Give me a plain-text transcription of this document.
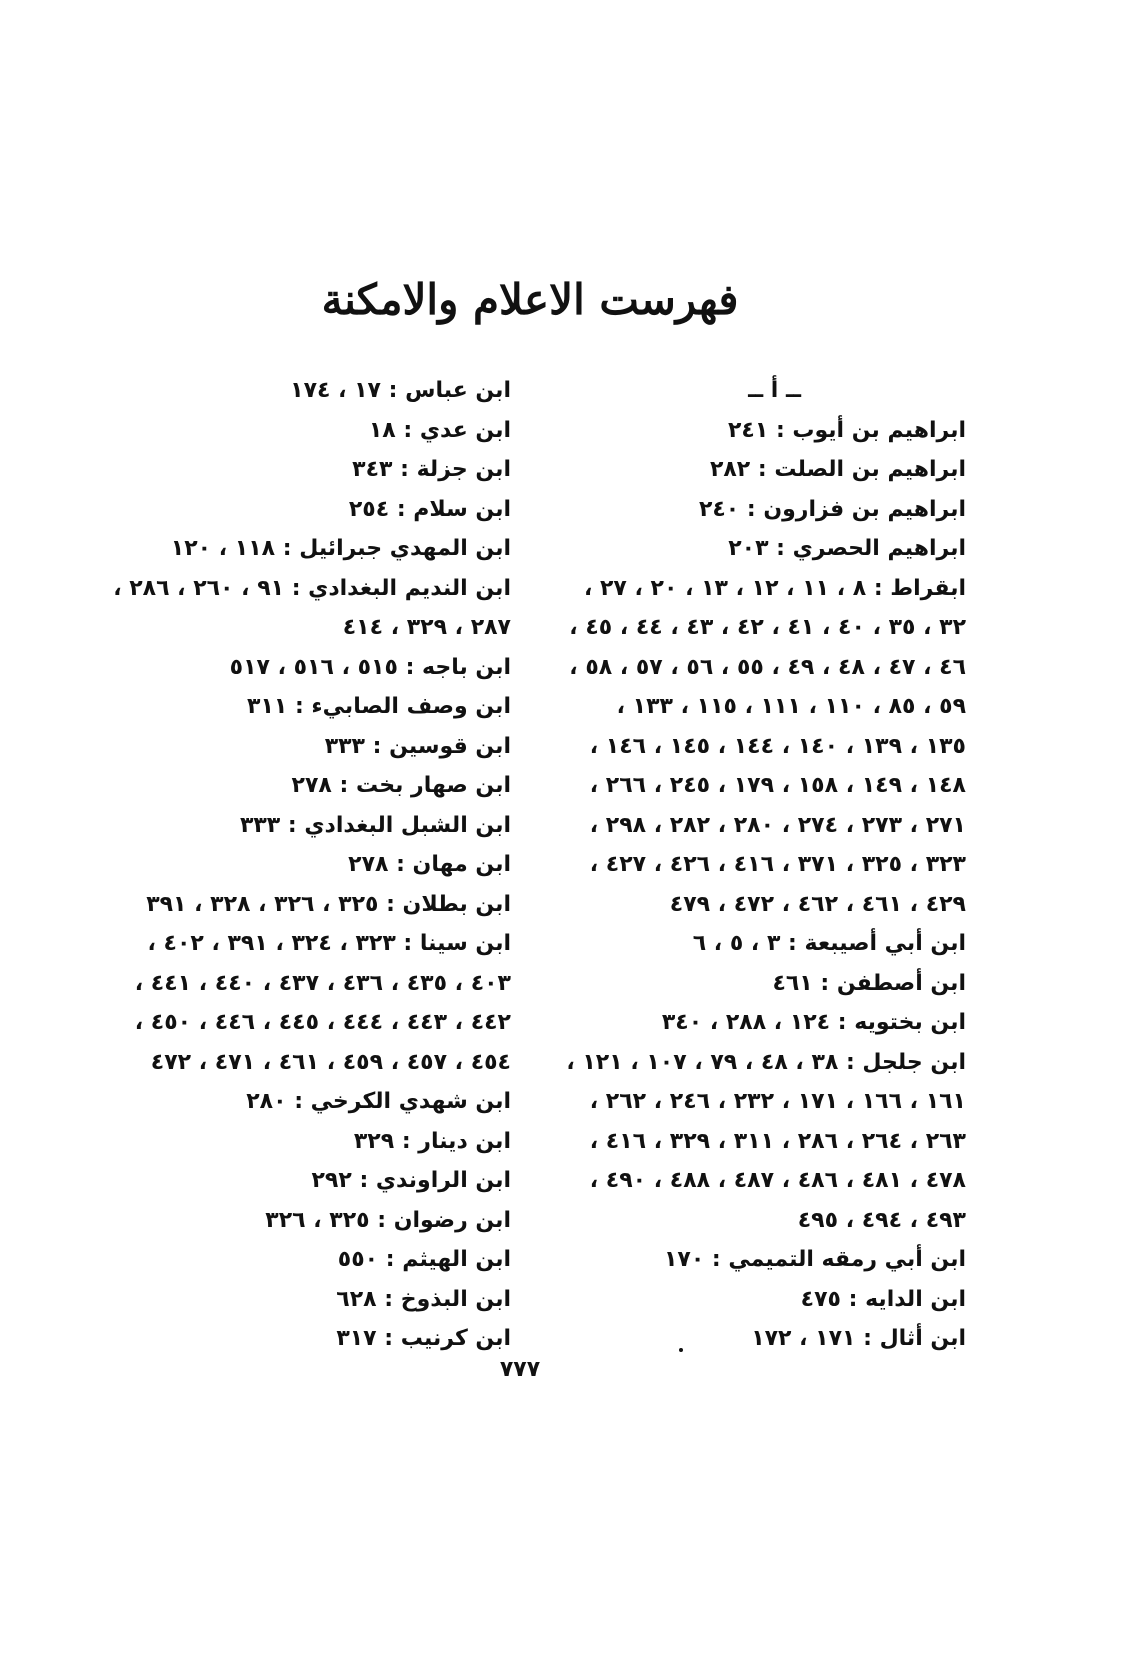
فهرست الاعلام والامكنة
ــ أ ــ
ابراهيم بن أيوب : ٢٤١
ابراهيم بن الصلت : ٢٨٢
ابراهيم بن فزارون : ٢٤٠
ابراهيم الحصري : ٢٠٣
ابقراط : ٨ ، ١١ ، ١٢ ، ١٣ ، ٢٠ ، ٢٧ ،
٣٢ ، ٣٥ ، ٤٠ ، ٤١ ، ٤٢ ، ٤٣ ، ٤٤ ، ٤٥ ،
٤٦ ، ٤٧ ، ٤٨ ، ٤٩ ، ٥٥ ، ٥٦ ، ٥٧ ، ٥٨ ،
٥٩ ، ٨٥ ، ١١٠ ، ١١١ ، ١١٥ ، ١٣٣ ،
١٣٥ ، ١٣٩ ، ١٤٠ ، ١٤٤ ، ١٤٥ ، ١٤٦ ،
١٤٨ ، ١٤٩ ، ١٥٨ ، ١٧٩ ، ٢٤٥ ، ٢٦٦ ،
٢٧١ ، ٢٧٣ ، ٢٧٤ ، ٢٨٠ ، ٢٨٢ ، ٢٩٨ ،
٣٢٣ ، ٣٢٥ ، ٣٧١ ، ٤١٦ ، ٤٢٦ ، ٤٢٧ ،
٤٢٩ ، ٤٦١ ، ٤٦٢ ، ٤٧٢ ، ٤٧٩
ابن أبي أصيبعة : ٣ ، ٥ ، ٦
ابن أصطفن : ٤٦١
ابن بختويه : ١٢٤ ، ٢٨٨ ، ٣٤٠
ابن جلجل : ٣٨ ، ٤٨ ، ٧٩ ، ١٠٧ ، ١٢١ ،
١٦١ ، ١٦٦ ، ١٧١ ، ٢٣٢ ، ٢٤٦ ، ٢٦٢ ،
٢٦٣ ، ٢٦٤ ، ٢٨٦ ، ٣١١ ، ٣٢٩ ، ٤١٦ ،
٤٧٨ ، ٤٨١ ، ٤٨٦ ، ٤٨٧ ، ٤٨٨ ، ٤٩٠ ،
٤٩٣ ، ٤٩٤ ، ٤٩٥
ابن أبي رمقه التميمي : ١٧٠
ابن الدايه : ٤٧٥
ابن أثال : ١٧١ ، ١٧٢
ابن عباس : ١٧ ، ١٧٤
ابن عدي : ١٨
ابن جزلة : ٣٤٣
ابن سلام : ٢٥٤
ابن المهدي جبرائيل : ١١٨ ، ١٢٠
ابن النديم البغدادي : ٩١ ، ٢٦٠ ، ٢٨٦ ،
٢٨٧ ، ٣٢٩ ، ٤١٤
ابن باجه : ٥١٥ ، ٥١٦ ، ٥١٧
ابن وصف الصابيء : ٣١١
ابن قوسين : ٣٣٣
ابن صهار بخت : ٢٧٨
ابن الشبل البغدادي : ٣٣٣
ابن مهان : ٢٧٨
ابن بطلان : ٣٢٥ ، ٣٢٦ ، ٣٢٨ ، ٣٩١
ابن سينا : ٣٢٣ ، ٣٢٤ ، ٣٩١ ، ٤٠٢ ،
٤٠٣ ، ٤٣٥ ، ٤٣٦ ، ٤٣٧ ، ٤٤٠ ، ٤٤١ ،
٤٤٢ ، ٤٤٣ ، ٤٤٤ ، ٤٤٥ ، ٤٤٦ ، ٤٥٠ ،
٤٥٤ ، ٤٥٧ ، ٤٥٩ ، ٤٦١ ، ٤٧١ ، ٤٧٢
ابن شهدي الكرخي : ٢٨٠
ابن دينار : ٣٢٩
ابن الراوندي : ٢٩٢
ابن رضوان : ٣٢٥ ، ٣٢٦
ابن الهيثم : ٥٥٠
ابن البذوخ : ٦٢٨
ابن كرنيب : ٣١٧
٧٧٧
